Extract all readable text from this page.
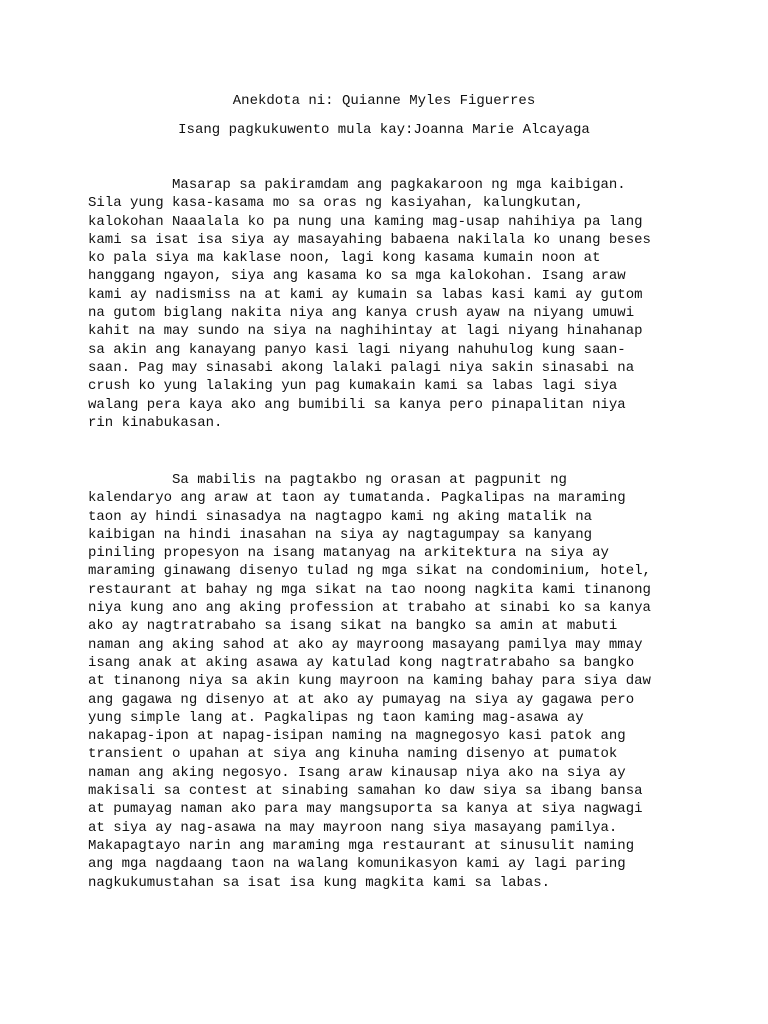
Anekdota ni: Quianne Myles Figuerres

Isang pagkukuwento mula kay:Joanna Marie Alcayaga

Masarap sa pakiramdam ang pagkakaroon ng mga kaibigan.
Sila yung kasa-kasama mo sa oras ng kasiyahan, kalungkutan,
kalokohan Naaalala ko pa nung una kaming mag-usap nahihiya pa lang
kami sa isat isa siya ay masayahing babaena nakilala ko unang beses
ko pala siya ma kaklase noon, lagi kong kasama kumain noon at
hanggang ngayon, siya ang kasama ko sa mga kalokohan. Isang araw
kami ay nadismiss na at kami ay kumain sa labas kasi kami ay gutom
na gutom biglang nakita niya ang kanya crush ayaw na niyang umuwi
kahit na may sundo na siya na naghihintay at lagi niyang hinahanap
sa akin ang kanayang panyo kasi lagi niyang nahuhulog kung saan-
saan. Pag may sinasabi akong lalaki palagi niya sakin sinasabi na
crush ko yung lalaking yun pag kumakain kami sa labas lagi siya
walang pera kaya ako ang bumibili sa kanya pero pinapalitan niya
rin kinabukasan.
Sa mabilis na pagtakbo ng orasan at pagpunit ng
kalendaryo ang araw at taon ay tumatanda. Pagkalipas na maraming
taon ay hindi sinasadya na nagtagpo kami ng aking matalik na
kaibigan na hindi inasahan na siya ay nagtagumpay sa kanyang
piniling propesyon na isang matanyag na arkitektura na siya ay
maraming ginawang disenyo tulad ng mga sikat na condominium, hotel,
restaurant at bahay ng mga sikat na tao noong nagkita kami tinanong
niya kung ano ang aking profession at trabaho at sinabi ko sa kanya
ako ay nagtratrabaho sa isang sikat na bangko sa amin at mabuti
naman ang aking sahod at ako ay mayroong masayang pamilya may mmay
isang anak at aking asawa ay katulad kong nagtratrabaho sa bangko
at tinanong niya sa akin kung mayroon na kaming bahay para siya daw
ang gagawa ng disenyo at at ako ay pumayag na siya ay gagawa pero
yung simple lang at. Pagkalipas ng taon kaming mag-asawa ay
nakapag-ipon at napag-isipan naming na magnegosyo kasi patok ang
transient o upahan at siya ang kinuha naming disenyo at pumatok
naman ang aking negosyo. Isang araw kinausap niya ako na siya ay
makisali sa contest at sinabing samahan ko daw siya sa ibang bansa
at pumayag naman ako para may mangsuporta sa kanya at siya nagwagi
at siya ay nag-asawa na may mayroon nang siya masayang pamilya.
Makapagtayo narin ang maraming mga restaurant at sinusulit naming
ang mga nagdaang taon na walang komunikasyon kami ay lagi paring
nagkukumustahan sa isat isa kung magkita kami sa labas.
